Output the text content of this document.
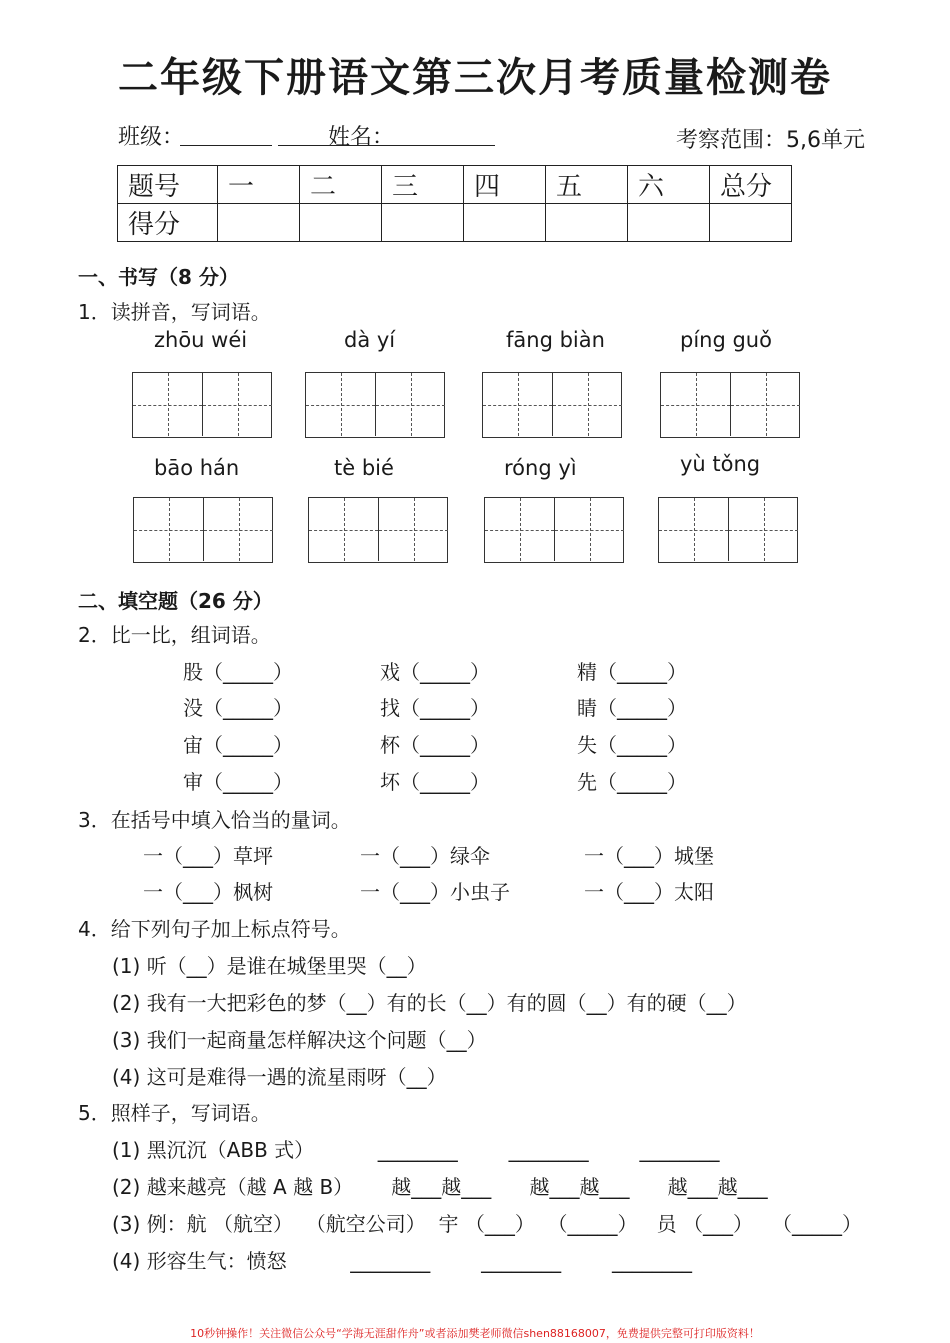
二年级下册语文第三次月考质量检测卷
班级：	姓名：	考察范围：5,6单元
题号	一	二	三	四	五	六	总分
得分							
一、书写（8 分）
1．读拼音，写词语。
zhōu wéi	dà yí	fāng biàn	píng guǒ
bāo hán	tè bié	róng yì	yù tǒng
二、填空题（26 分）
2．比一比，组词语。
股（_____）	戏（_____）	精（_____）
没（_____）	找（_____）	睛（_____）
宙（_____）	杯（_____）	失（_____）
审（_____）	坏（_____）	先（_____）
3．在括号中填入恰当的量词。
一（___）草坪	一（___）绿伞	一（___）城堡
一（___）枫树	一（___）小虫子	一（___）太阳
4．给下列句子加上标点符号。
(1) 听（__）是谁在城堡里哭（__）
(2) 我有一大把彩色的梦（__）有的长（__）有的圆（__）有的硬（__）
(3) 我们一起商量怎样解决这个问题（__）
(4) 这可是难得一遇的流星雨呀（__）
5．照样子，写词语。
(1) 黑沉沉（ABB 式）          ________        ________        ________
(2) 越来越亮（越 A 越 B）      越___越___      越___越___      越___越___
(3) 例：航 （航空）  （航空公司）  宇 （___）  （_____）   员 （___）   （_____）
(4) 形容生气：愤怒          ________        ________        ________
10秒钟操作！关注微信公众号“学海无涯甜作舟”或者添加樊老师微信shen88168007，免费提供完整可打印版资料！
